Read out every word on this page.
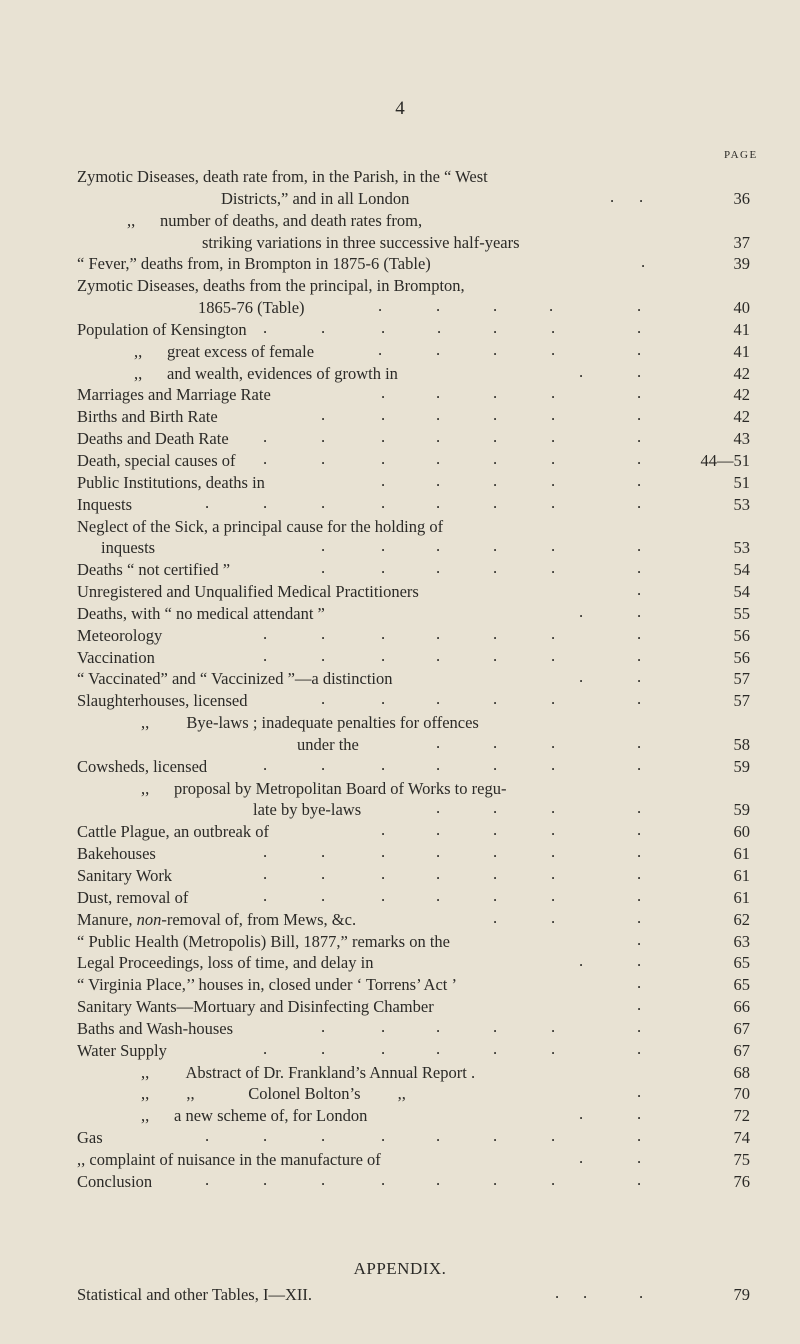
4
PAGE
Zymotic Diseases, death rate from, in the Parish, in the “ West
Districts,” and in all London	. .	36
,,      number of deaths, and death rates from,
striking variations in three successive half-years	37
“ Fever,” deaths from, in Brompton in 1875-6 (Table)	.	39
Zymotic Diseases, deaths from the principal, in Brompton,
1865-76 (Table)	.	.	.	.	.	40
Population of Kensington .	.	.	.	.	.	.	41
,,      great excess of female	.	.	.	.	.	41
,,      and wealth, evidences of growth in	.	.	42
Marriages and Marriage Rate	.	.	.	.	.	42
Births and Birth Rate	.	.	.	.	.	.	42
Deaths and Death Rate .	.	.	.	.	.	.	43
Death, special causes of .	.	.	.	.	.	.	44—51
Public Institutions, deaths in	.	.	.	.	.	51
Inquests	.	.	.	.	.	.	.	.	53
Neglect of the Sick, a principal cause for the holding of
inquests	.	.	.	.	.	.	53
Deaths “ not certified ”	.	.	.	.	.	.	54
Unregistered and Unqualified Medical Practitioners	.	54
Deaths, with “ no medical attendant ”	.	.	55
Meteorology	.	.	.	.	.	.	.	56
Vaccination	.	.	.	.	.	.	.	56
“ Vaccinated” and “ Vaccinized ”—a distinction	.	.	57
Slaughterhouses, licensed	.	.	.	.	.	.	57
,,         Bye-laws ; inadequate penalties for offences
under the	.	.	.	.	58
Cowsheds, licensed	.	.	.	.	.	.	.	59
,,      proposal by Metropolitan Board of Works to regu-
late by bye-laws	.	.	.	.	59
Cattle Plague, an outbreak of	.	.	.	.	.	60
Bakehouses	.	.	.	.	.	.	.	61
Sanitary Work	.	.	.	.	.	.	.	61
Dust, removal of	.	.	.	.	.	.	.	61
Manure, non-removal of, from Mews, &c.	.	.	.	62
“ Public Health (Metropolis) Bill, 1877,” remarks on the	.	63
Legal Proceedings, loss of time, and delay in	.	.	65
“ Virginia Place,’’ houses in, closed under ‘ Torrens’ Act ’	.	65
Sanitary Wants—Mortuary and Disinfecting Chamber	.	66
Baths and Wash-houses	.	.	.	.	.	.	67
Water Supply	.	.	.	.	.	.	.	67
,,         Abstract of Dr. Frankland’s Annual Report .	68
,,         ,,             Colonel Bolton’s         ,,	.	70
,,      a new scheme of, for London	.	.	72
Gas	.	.	.	.	.	.	.	.	74
,, complaint of nuisance in the manufacture of	.	.	75
Conclusion	.	.	.	.	.	.	.	.	76
APPENDIX.
Statistical and other Tables, I—XII.	. .	.	79
